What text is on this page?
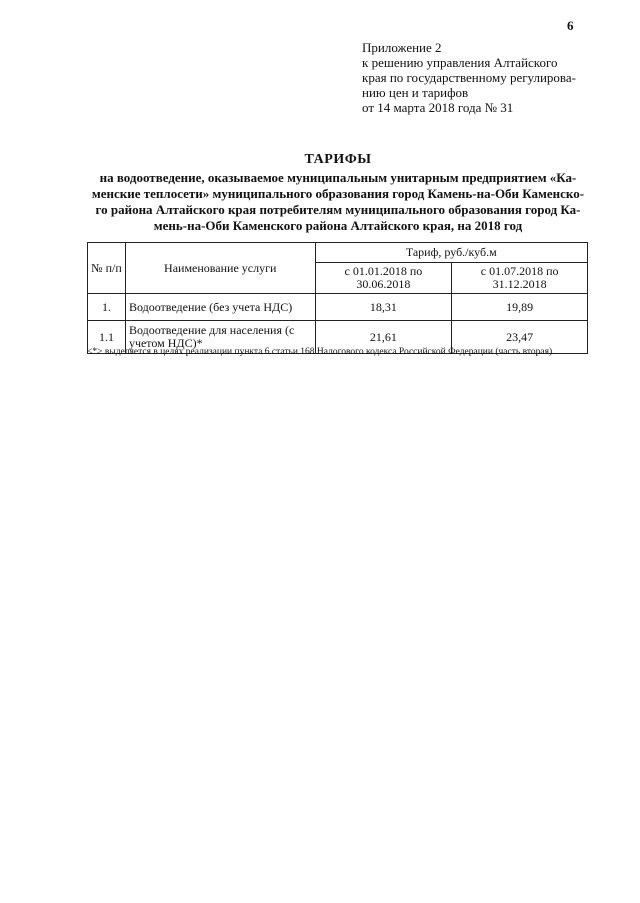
6
Приложение 2
к решению управления Алтайского
края по государственному регулирова-
нию цен и тарифов
от 14 марта 2018 года № 31
ТАРИФЫ
на водоотведение, оказываемое муниципальным унитарным предприятием «Ка-
менские теплосети» муниципального образования город Камень-на-Оби Каменско-
го района Алтайского края потребителям муниципального образования город Ка-
мень-на-Оби Каменского района Алтайского края, на 2018 год
№ п/п	Наименование услуги	Тариф, руб./куб.м	
		с 01.01.2018 по 30.06.2018	с 01.07.2018 по 31.12.2018
1.	Водоотведение (без учета НДС)	18,31	19,89
1.1	Водоотведение для населения (с учетом НДС)*	21,61	23,47
<*> выделяется в целях реализации пункта 6 статьи 168 Налогового кодекса Российской Федерации (часть вторая).
